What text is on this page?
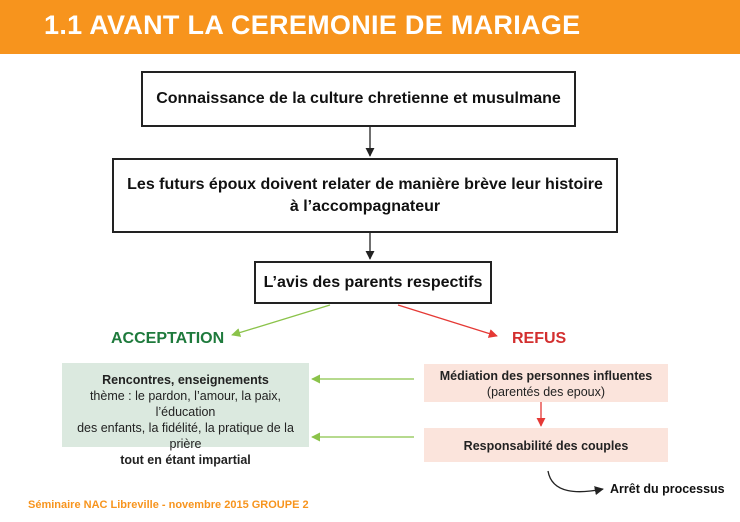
1.1 AVANT LA CEREMONIE DE MARIAGE
Connaissance de la culture chretienne et musulmane
Les futurs époux doivent relater de manière brève leur histoire
à l’accompagnateur
L’avis des parents respectifs
ACCEPTATION	REFUS
Rencontres, enseignements
thème : le pardon, l’amour, la paix, l’éducation
des enfants, la fidélité, la pratique de la prière
tout en étant impartial
Médiation des personnes influentes
(parentés des epoux)
Responsabilité des couples
Arrêt du processus
Séminaire NAC Libreville - novembre 2015 GROUPE 2
